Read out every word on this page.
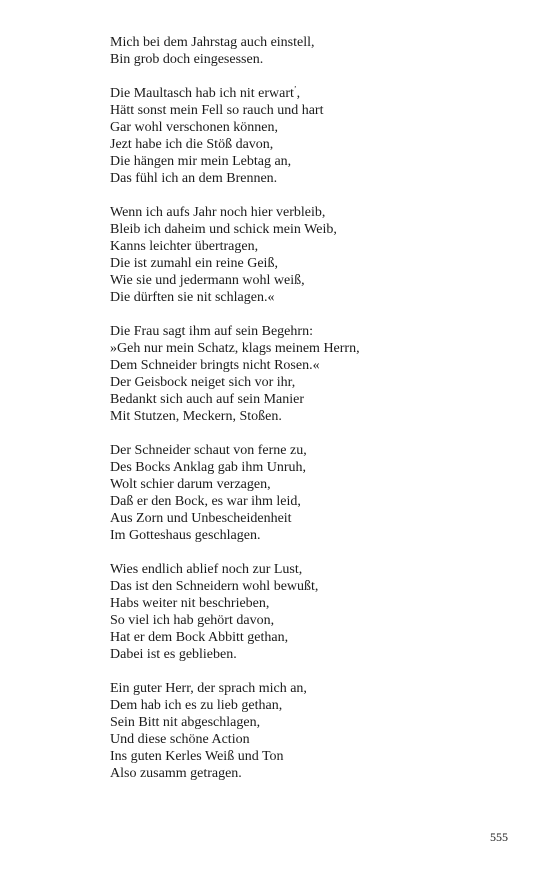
Mich bei dem Jahrstag auch einstell,
Bin grob doch eingesessen.
Die Maultasch hab ich nit erwart’,
Hätt sonst mein Fell so rauch und hart
Gar wohl verschonen können,
Jezt habe ich die Stöß davon,
Die hängen mir mein Lebtag an,
Das fühl ich an dem Brennen.
Wenn ich aufs Jahr noch hier verbleib,
Bleib ich daheim und schick mein Weib,
Kanns leichter übertragen,
Die ist zumahl ein reine Geiß,
Wie sie und jedermann wohl weiß,
Die dürften sie nit schlagen.«
Die Frau sagt ihm auf sein Begehrn:
»Geh nur mein Schatz, klags meinem Herrn,
Dem Schneider bringts nicht Rosen.«
Der Geisbock neiget sich vor ihr,
Bedankt sich auch auf sein Manier
Mit Stutzen, Meckern, Stoßen.
Der Schneider schaut von ferne zu,
Des Bocks Anklag gab ihm Unruh,
Wolt schier darum verzagen,
Daß er den Bock, es war ihm leid,
Aus Zorn und Unbescheidenheit
Im Gotteshaus geschlagen.
Wies endlich ablief noch zur Lust,
Das ist den Schneidern wohl bewußt,
Habs weiter nit beschrieben,
So viel ich hab gehört davon,
Hat er dem Bock Abbitt gethan,
Dabei ist es geblieben.
Ein guter Herr, der sprach mich an,
Dem hab ich es zu lieb gethan,
Sein Bitt nit abgeschlagen,
Und diese schöne Action
Ins guten Kerles Weiß und Ton
Also zusamm getragen.
555
